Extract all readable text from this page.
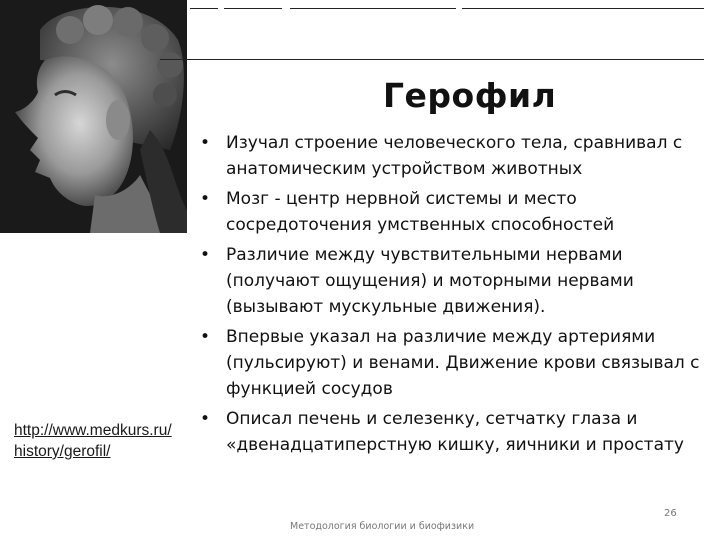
Герофил
• Изучал строение человеческого тела, сравнивал с анатомическим устройством животных
• Мозг - центр нервной системы и место сосредоточения умственных способностей
• Различие между чувствительными нервами (получают ощущения) и моторными нервами (вызывают мускульные движения).
• Впервые указал на различие между артериями (пульсируют) и венами. Движение крови связывал с функцией сосудов
• Описал печень и селезенку, сетчатку глаза и «двенадцатиперстную кишку, яичники и простату
http://www.medkurs.ru/history/gerofil/
Методология биологии и биофизики
26
